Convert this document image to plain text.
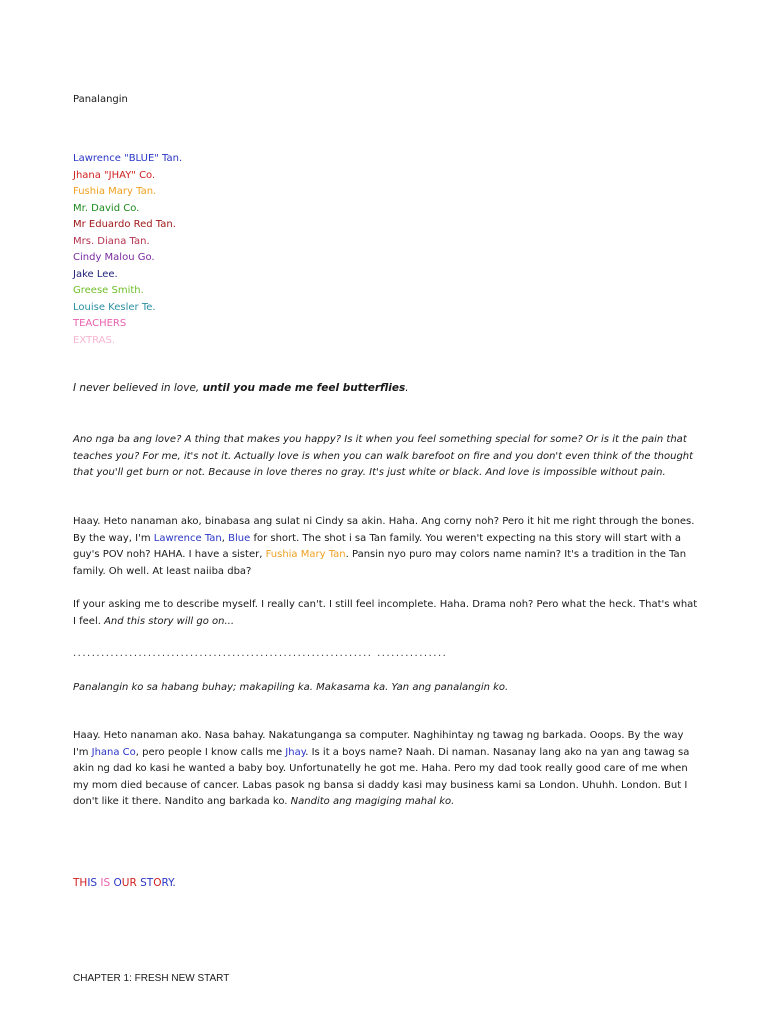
Panalangin
Lawrence "BLUE" Tan.
Jhana "JHAY" Co.
Fushia Mary Tan.
Mr. David Co.
Mr Eduardo Red Tan.
Mrs. Diana Tan.
Cindy Malou Go.
Jake Lee.
Greese Smith.
Louise Kesler Te.
TEACHERS
EXTRAS.
I never believed in love, until you made me feel butterflies.

Ano nga ba ang love? A thing that makes you happy? Is it when you feel something special for some? Or is it the pain that teaches you? For me, it's not it. Actually love is when you can walk barefoot on fire and you don't even think of the thought that you'll get burn or not. Because in love theres no gray. It's just white or black. And love is impossible without pain.

Haay. Heto nanaman ako, binabasa ang sulat ni Cindy sa akin. Haha. Ang corny noh? Pero it hit me right through the bones. By the way, I'm Lawrence Tan, Blue for short. The shot i sa Tan family. You weren't expecting na this story will start with a guy's POV noh? HAHA. I have a sister, Fushia Mary Tan. Pansin nyo puro may colors name namin? It's a tradition in the Tan family. Oh well. At least naiiba dba?

If your asking me to describe myself. I really can't. I still feel incomplete. Haha. Drama noh? Pero what the heck. That's what I feel. And this story will go on...

................................................................ ...............

Panalangin ko sa habang buhay; makapiling ka. Makasama ka. Yan ang panalangin ko.

Haay. Heto nanaman ako. Nasa bahay. Nakatunganga sa computer. Naghihintay ng tawag ng barkada. Ooops. By the way I'm Jhana Co, pero people I know calls me Jhay. Is it a boys name? Naah. Di naman. Nasanay lang ako na yan ang tawag sa akin ng dad ko kasi he wanted a baby boy. Unfortunatelly he got me. Haha. Pero my dad took really good care of me when my mom died because of cancer. Labas pasok ng bansa si daddy kasi may business kami sa London. Uhuhh. London. But I don't like it there. Nandito ang barkada ko. Nandito ang magiging mahal ko.

THIS IS OUR STORY.
CHAPTER 1: FRESH NEW START
